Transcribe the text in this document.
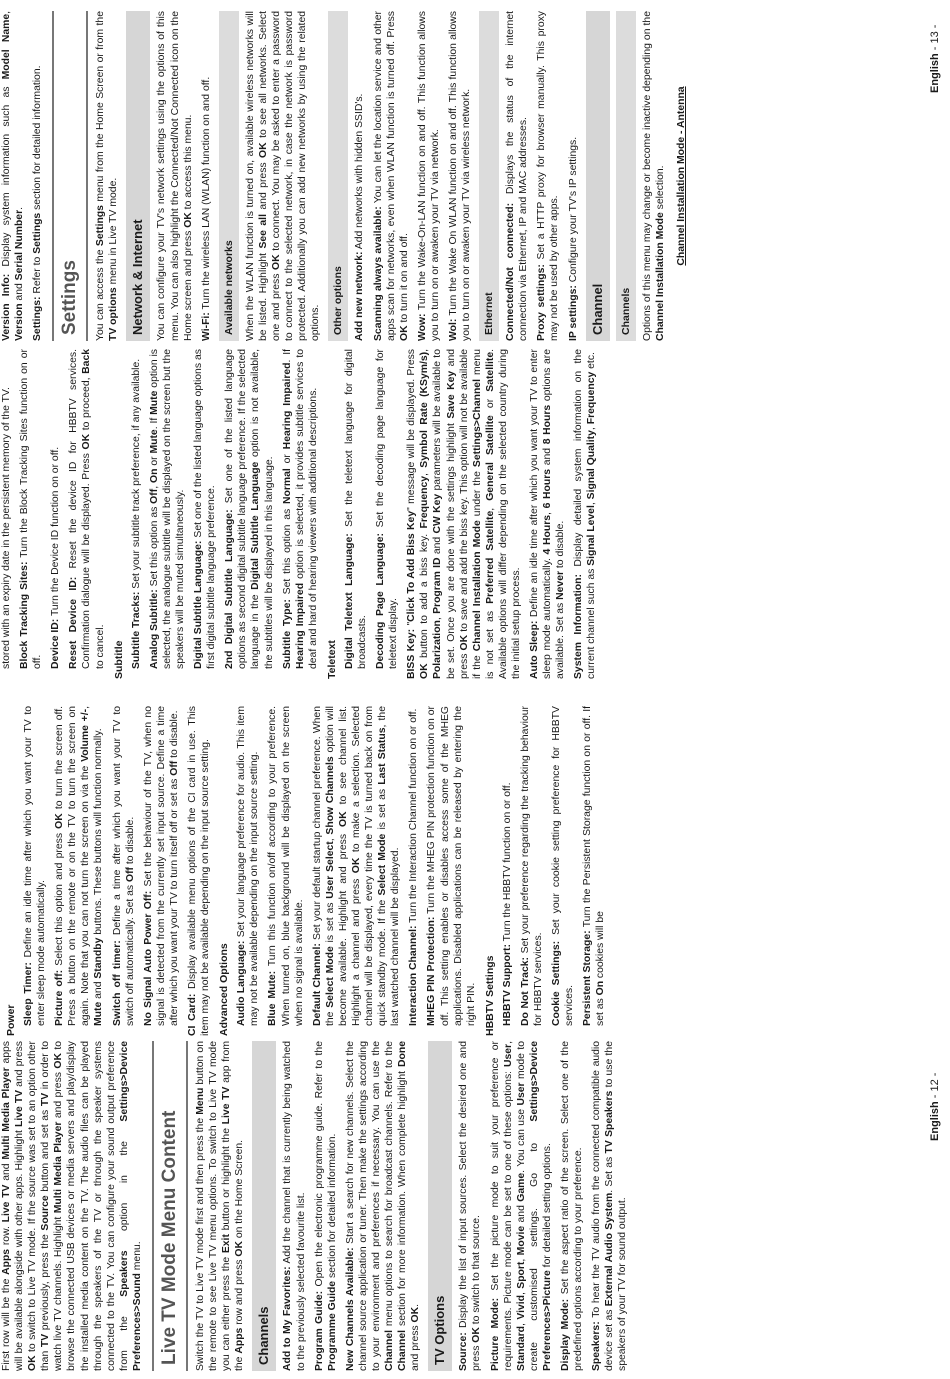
First row will be the Apps row. Live TV and Multi Media Player apps will be available alongside with other apps. Highlight Live TV and press OK to switch to Live TV mode. If the source was set to an option other than TV previously, press the Source button and set as TV in order to watch live TV channels. Highlight Multi Media Player and press OK to browse the connected USB devices or media servers and play/display the installed media content on the TV. The audio files can be played through the speakers of the TV or through the speaker systems connected to the TV. You can configure your sound output preference from the Speakers option in the Settings>Device Preferences>Sound menu. Live TV Mode Menu Content	Switch the TV to Live TV mode first and then press the Menu button on the remote to see Live TV menu options. To switch to Live TV mode you can either press the Exit button or highlight the Live TV app from the Apps row and press OK on the Home Screen.

Channels	Add to My Favorites: Add the channel that is currently being watched to the previously selected favourite list. Program Guide: Open the electronic programme guide. Refer to the Programme Guide section for detailed information.

New Channels Available: Start a search for new channels. Select the channel source application or tuner. Then make the settings according to your environment and preferences if necessary. You can use the Channel menu options to search for broadcast channels. Refer to the Channel section for more information. When complete highlight Done and press OK. TV Options	Source: Display the list of input sources. Select the desired one and press OK to switch to that source.

Picture Mode: Set the picture mode to suit your preference or requirements. Picture mode can be set to one of these options: User, Standard, Vivid, Sport, Movie and Game. You can use User mode to create customised settings. Go to Settings>Device Preferences>Picture for detailed setting options.

Display Mode: Set the aspect ratio of the screen. Select one of the predefined options according to your preference. Speakers: To hear the TV audio from the connected compatible audio device set as External Audio System. Set as TV Speakers to use the speakers of your TV for sound output.

Power Sleep Timer: Define an idle time after which you want your TV to enter sleep mode automatically. Picture off: Select this option and press OK to turn the screen off. Press a button on the remote or on the TV to turn the screen on again. Note that you can not turn the screen on via the Volume +/-, Mute and Standby buttons. These buttons will function normally.

Switch off timer: Define a time after which you want your TV to switch off automatically. Set as Off to disable.

No Signal Auto Power Off: Set the behaviour of the TV, when no signal is detected from the currently set input source. Define a time after which you want your TV to turn itself off or set as Off to disable.

CI Card: Display available menu options of the CI card in use. This item may not be available depending on the input source setting. Advanced Options Audio Language: Set your language preference for audio. This item may not be available depending on the input source setting. Blue Mute: Turn this function on/off according to your preference. When turned on, blue background will be displayed on the screen when no signal is available. Default Channel: Set your default startup channel preference. When the Select Mode is set as User Select, Show Channels option will become available. Highlight and press OK to see channel list. Highlight a channel and press OK to make a selection. Selected channel will be displayed, every time the TV is turned back on from quick standby mode. If the Select Mode is set as Last Status, the last watched channel will be displayed. Interaction Channel: Turn the Interaction Channel function on or off.

MHEG PIN Protection: Turn the MHEG PIN protection function on or off. This setting enables or disables access some of the MHEG applications. Disabled applications can be released by entering the right PIN. HBBTV Settings HBBTV Support: Turn the HBBTV function on or off.

Do Not Track: Set your preference regarding the tracking behaviour for HBBTV services. Cookie Settings: Set your cookie setting preference for HBBTV services. Persistent Storage: Turn the Persistent Storage function on or off. If set as On cookies will be

English - 12 -

stored with an expiry date in the persistent memory of the TV. Block Tracking Sites: Turn the Block Tracking Sites function on or off. Device ID: Turn the Device ID function on or off.

Reset Device ID: Reset the device ID for HBBTV services. Confirmation dialogue will be displayed. Press OK to proceed, Back to cancel. Subtitle Subtitle Tracks: Set your subtitle track preference, if any available.

Analog Subtitle: Set this option as Off, On or Mute. If Mute option is selected, the analogue subtitle will be displayed on the screen but the speakers will be muted simultaneously. Digital Subtitle Language: Set one of the listed language options as first digital subtitle language preference. 2nd Digital Subtitle Language: Set one of the listed language options as second digital subtitle language preference. If the selected language in the Digital Subtitle Language option is not available, the subtitles will be displayed in this language. Subtitle Type: Set this option as Normal or Hearing Impaired. If Hearing Impaired option is selected, it provides subtitle services to deaf and hard of hearing viewers with additional descriptions. Teletext Digital Teletext Language: Set the teletext language for digital broadcasts. Decoding Page Language: Set the decoding page language for teletext display. BISS Key: "Click To Add Biss Key" message will be displayed. Press OK button to add a biss key. Frequency, Symbol Rate (KSym/s), Polarization, Program ID and CW Key parameters will be available to be set. Once you are done with the settings highlight Save Key and press OK to save and add the biss key. This option will not be available if the Channel Installation Mode under the Settings>Channel menu is not set as Preferred Satellite, General Satellite or Satellite. Available options will differ depending on the selected country during the initial setup process. Auto Sleep: Define an idle time after which you want your TV to enter sleep mode automatically. 4 Hours, 6 Hours and 8 Hours options are available. Set as Never to disable.

System Information: Display detailed system information on the current channel such as Signal Level, Signal Quality, Frequency etc.

Version Info: Display system information such as Model Name, Version and Serial Number.

Settings: Refer to Settings section for detailed information.

Settings	You can access the Settings menu from the Home Screen or from the TV options menu in Live TV mode. Network & Internet	You can configure your TV's network settings using the options of this menu. You can also highlight the Connected/Not Connected icon on the Home screen and press OK to access this menu.

Wi-Fi: Turn the wireless LAN (WLAN) function on and off.	Available networks When the WLAN function is turned on, available wireless networks will be listed. Highlight See all and press OK to see all networks. Select one and press OK to connect. You may be asked to enter a password to connect to the selected network, in case the network is password protected. Additionally you can add new networks by using the related options.	Other options Add new network: Add networks with hidden SSID's.

Scanning always available: You can let the location service and other apps scan for networks, even when WLAN function is turned off. Press OK to turn it on and off.

Wow: Turn the Wake-On-LAN function on and off. This function allows you to turn on or awaken your TV via network. Wol: Turn the Wake On WLAN function on and off. This function allows you to turn on or awaken your TV via wireless network.	Ethernet Connected/Not connected: Displays the status of the internet connection via Ethernet, IP and MAC addresses. Proxy settings: Set a HTTP proxy for browser manually. This proxy may not be used by other apps. IP settings: Configure your TV's IP settings.

Channel	Channels Options of this menu may change or become inactive depending on the Channel Installation Mode selection. Channel Installation Mode - Antenna
English - 13 -
